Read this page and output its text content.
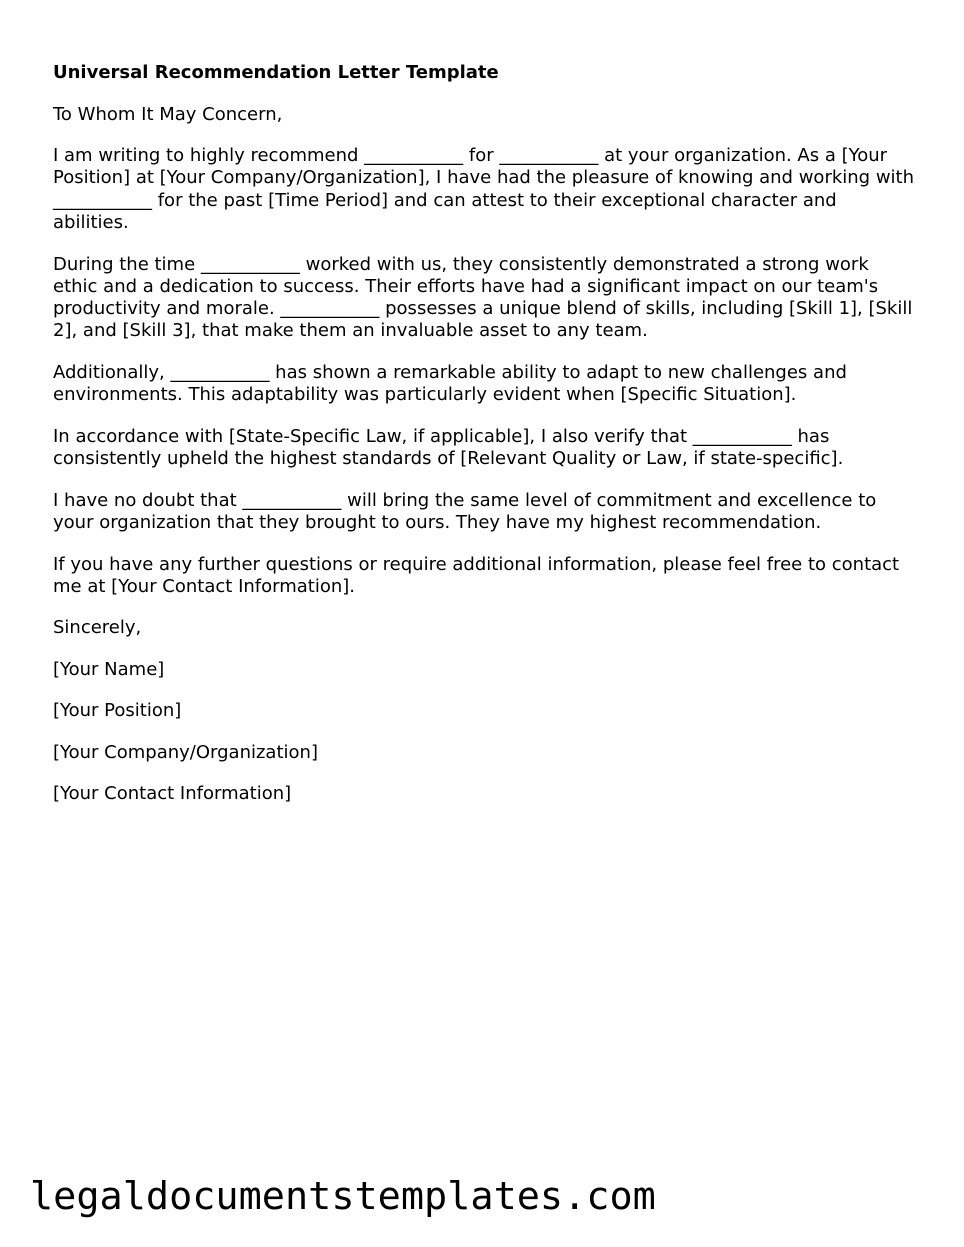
Universal Recommendation Letter Template
To Whom It May Concern,
I am writing to highly recommend ___________ for ___________ at your organization. As a [Your Position] at [Your Company/Organization], I have had the pleasure of knowing and working with ___________ for the past [Time Period] and can attest to their exceptional character and abilities.
During the time ___________ worked with us, they consistently demonstrated a strong work ethic and a dedication to success. Their efforts have had a significant impact on our team's productivity and morale. ___________ possesses a unique blend of skills, including [Skill 1], [Skill 2], and [Skill 3], that make them an invaluable asset to any team.
Additionally, ___________ has shown a remarkable ability to adapt to new challenges and environments. This adaptability was particularly evident when [Specific Situation].
In accordance with [State-Specific Law, if applicable], I also verify that ___________ has consistently upheld the highest standards of [Relevant Quality or Law, if state-specific].
I have no doubt that ___________ will bring the same level of commitment and excellence to your organization that they brought to ours. They have my highest recommendation.
If you have any further questions or require additional information, please feel free to contact me at [Your Contact Information].
Sincerely,
[Your Name]
[Your Position]
[Your Company/Organization]
[Your Contact Information]
legaldocumentstemplates.com
